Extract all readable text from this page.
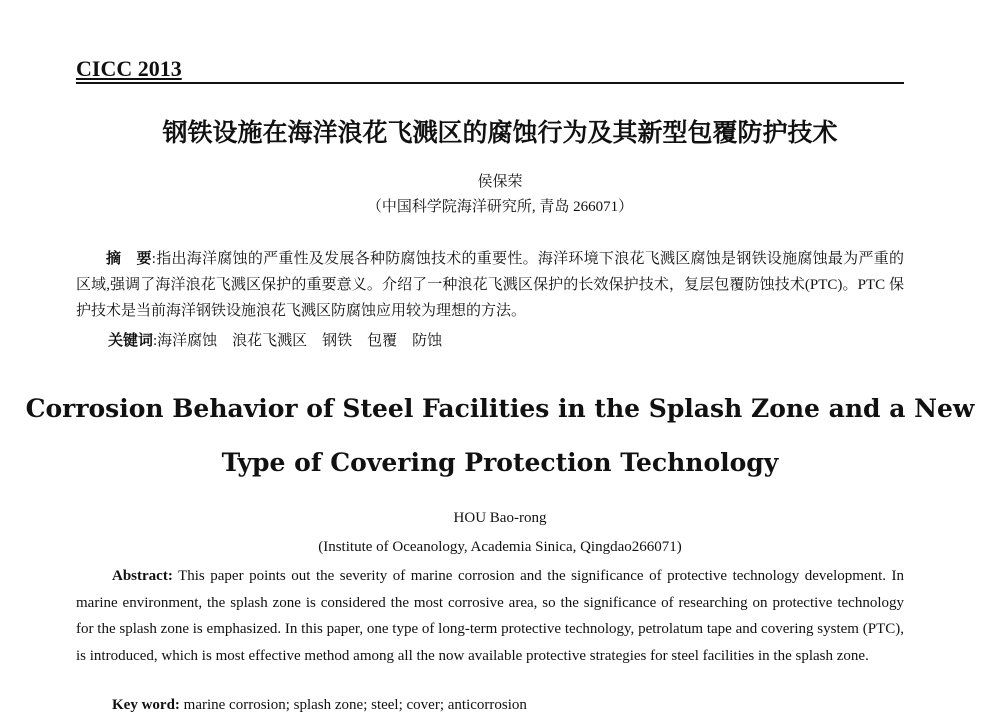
CICC 2013
钢铁设施在海洋浪花飞溅区的腐蚀行为及其新型包覆防护技术
侯保荣
（中国科学院海洋研究所, 青岛 266071）
摘　要:指出海洋腐蚀的严重性及发展各种防腐蚀技术的重要性。海洋环境下浪花飞溅区腐蚀是钢铁设施腐蚀最为严重的区域,强调了海洋浪花飞溅区保护的重要意义。介绍了一种浪花飞溅区保护的长效保护技术，复层包覆防蚀技术(PTC)。PTC 保护技术是当前海洋钢铁设施浪花飞溅区防腐蚀应用较为理想的方法。
关键词:海洋腐蚀　浪花飞溅区　钢铁　包覆　防蚀
Corrosion Behavior of Steel Facilities in the Splash Zone and a New
Type of Covering Protection Technology
HOU Bao-rong
(Institute of Oceanology, Academia Sinica, Qingdao266071)
Abstract: This paper points out the severity of marine corrosion and the significance of protective technology development. In marine environment, the splash zone is considered the most corrosive area, so the significance of researching on protective technology for the splash zone is emphasized. In this paper, one type of long-term protective technology, petrolatum tape and covering system (PTC), is introduced, which is most effective method among all the now available protective strategies for steel facilities in the splash zone.
Key word: marine corrosion; splash zone; steel; cover; anticorrosion
